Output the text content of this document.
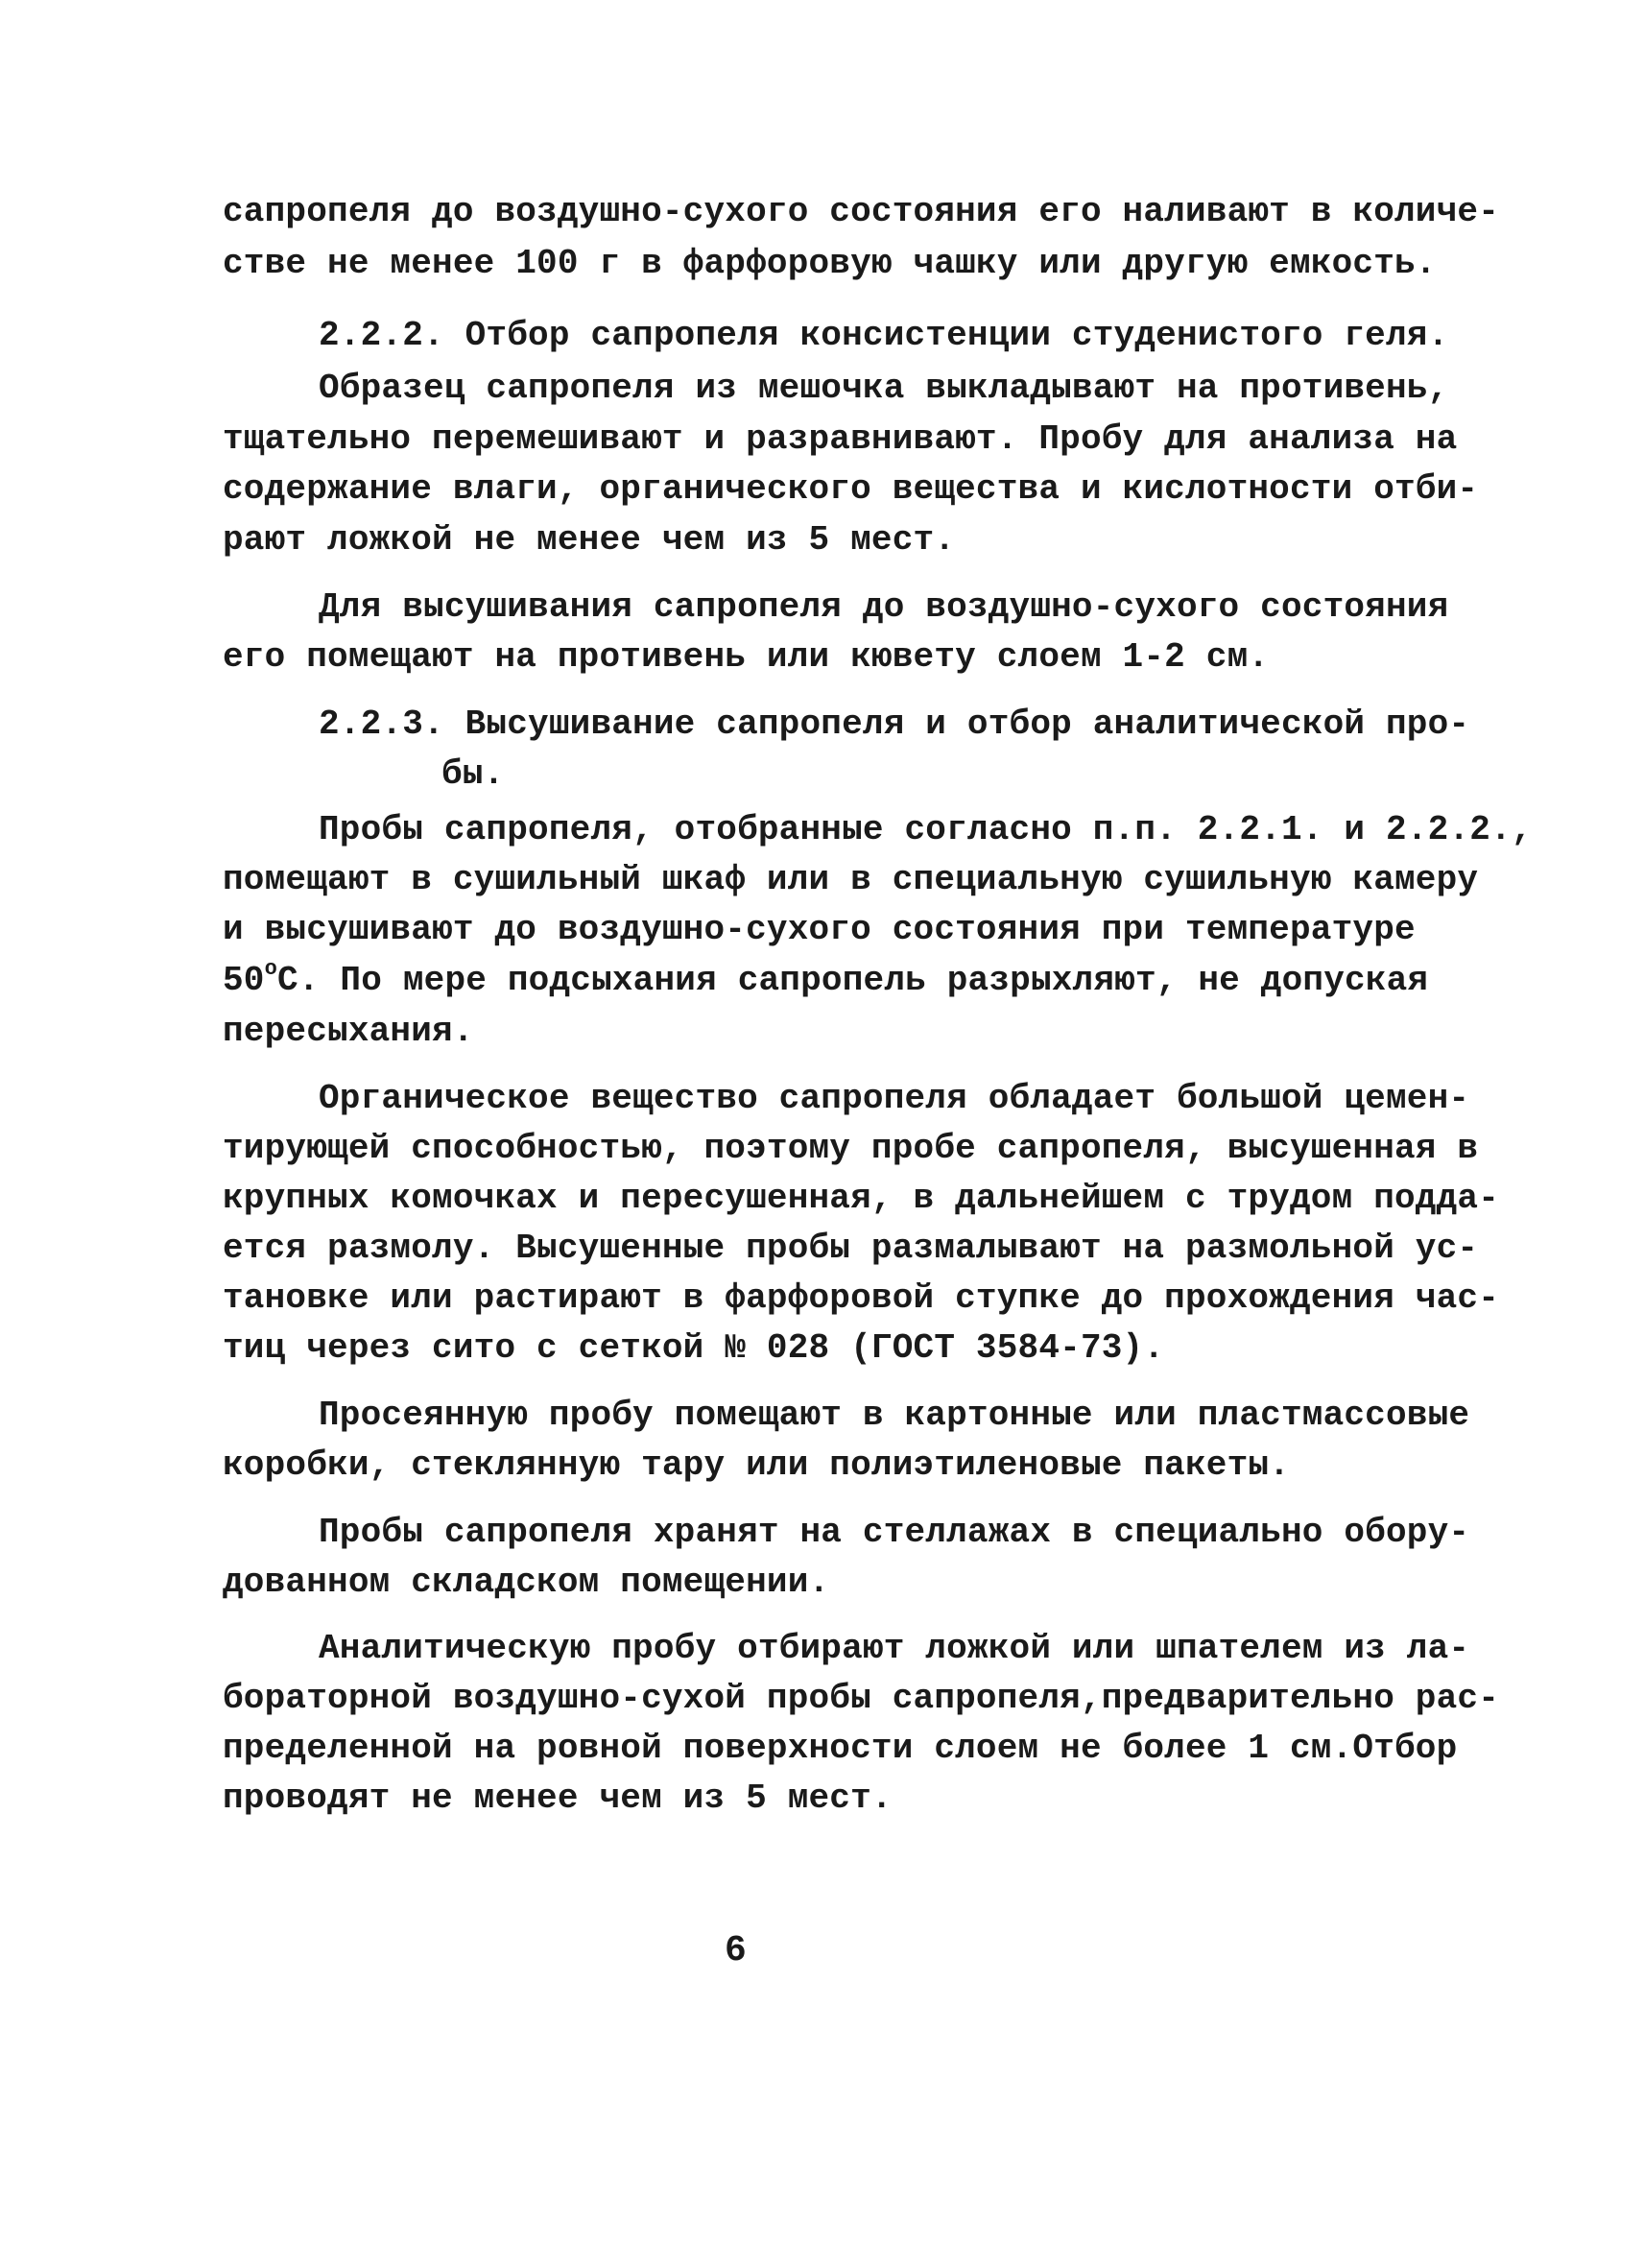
сапропеля до воздушно-сухого состояния его наливают в количе-
стве не менее 100 г в фарфоровую чашку или другую емкость.
2.2.2. Отбор сапропеля консистенции студенистого геля.
Образец сапропеля из мешочка выкладывают на противень,
тщательно перемешивают и разравнивают. Пробу для анализа на
содержание влаги, органического вещества и кислотности отби-
рают ложкой не менее чем из 5 мест.
Для высушивания сапропеля до воздушно-сухого состояния
его помещают на противень или кювету слоем 1-2 см.
2.2.3. Высушивание сапропеля и отбор аналитической про-
бы.
Пробы сапропеля, отобранные согласно п.п. 2.2.1. и 2.2.2.,
помещают в сушильный шкаф или в специальную сушильную камеру
и высушивают до воздушно-сухого состояния при температуре
$50^оС$. По мере подсыхания сапропель разрыхляют, не допуская
пересыхания.
Органическое вещество сапропеля обладает большой цемен-
тирующей способностью, поэтому пробе сапропеля, высушенная в
крупных комочках и пересушенная, в дальнейшем с трудом подда-
ется размолу. Высушенные пробы размалывают на размольной ус-
тановке или растирают в фарфоровой ступке до прохождения час-
тиц через сито с сеткой № 028 (ГОСТ 3584-73).
Просеянную пробу помещают в картонные или пластмассовые
коробки, стеклянную тару или полиэтиленовые пакеты.
Пробы сапропеля хранят на стеллажах в специально обору-
дованном складском помещении.
Аналитическую пробу отбирают ложкой или шпателем из ла-
бораторной воздушно-сухой пробы сапропеля,предварительно рас-
пределенной на ровной поверхности слоем не более 1 см.Отбор
проводят не менее чем из 5 мест.
6
